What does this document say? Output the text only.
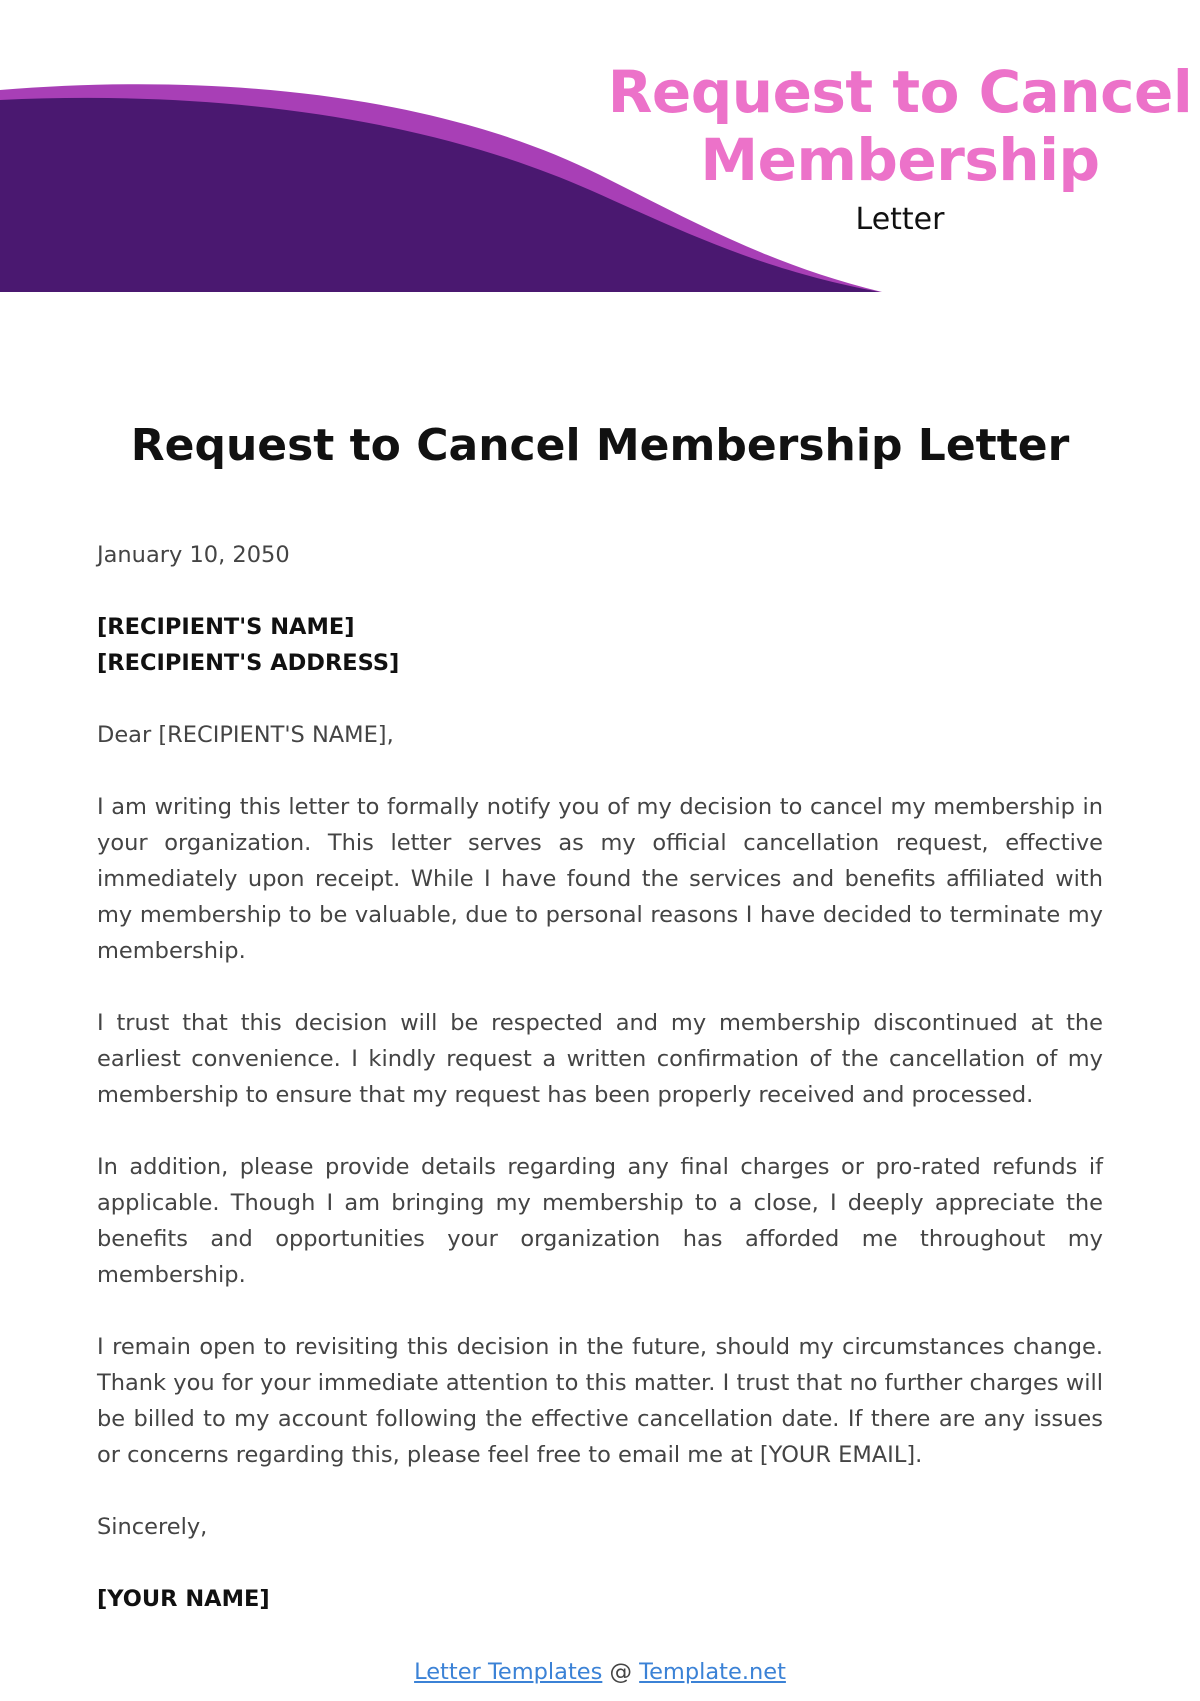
Request to Cancel
Membership
Letter
Request to Cancel Membership Letter

January 10, 2050

[RECIPIENT'S NAME]

[RECIPIENT'S ADDRESS]

Dear [RECIPIENT'S NAME],

I am writing this letter to formally notify you of my decision to cancel my membership in your organization. This letter serves as my official cancellation request, effective immediately upon receipt. While I have found the services and benefits affiliated with my membership to be valuable, due to personal reasons I have decided to terminate my membership.

I trust that this decision will be respected and my membership discontinued at the earliest convenience. I kindly request a written confirmation of the cancellation of my membership to ensure that my request has been properly received and processed.

In addition, please provide details regarding any final charges or pro-rated refunds if applicable. Though I am bringing my membership to a close, I deeply appreciate the benefits and opportunities your organization has afforded me throughout my membership.

I remain open to revisiting this decision in the future, should my circumstances change. Thank you for your immediate attention to this matter. I trust that no further charges will be billed to my account following the effective cancellation date. If there are any issues or concerns regarding this, please feel free to email me at [YOUR EMAIL].

Sincerely,

[YOUR NAME]

Letter Templates @ Template.net
